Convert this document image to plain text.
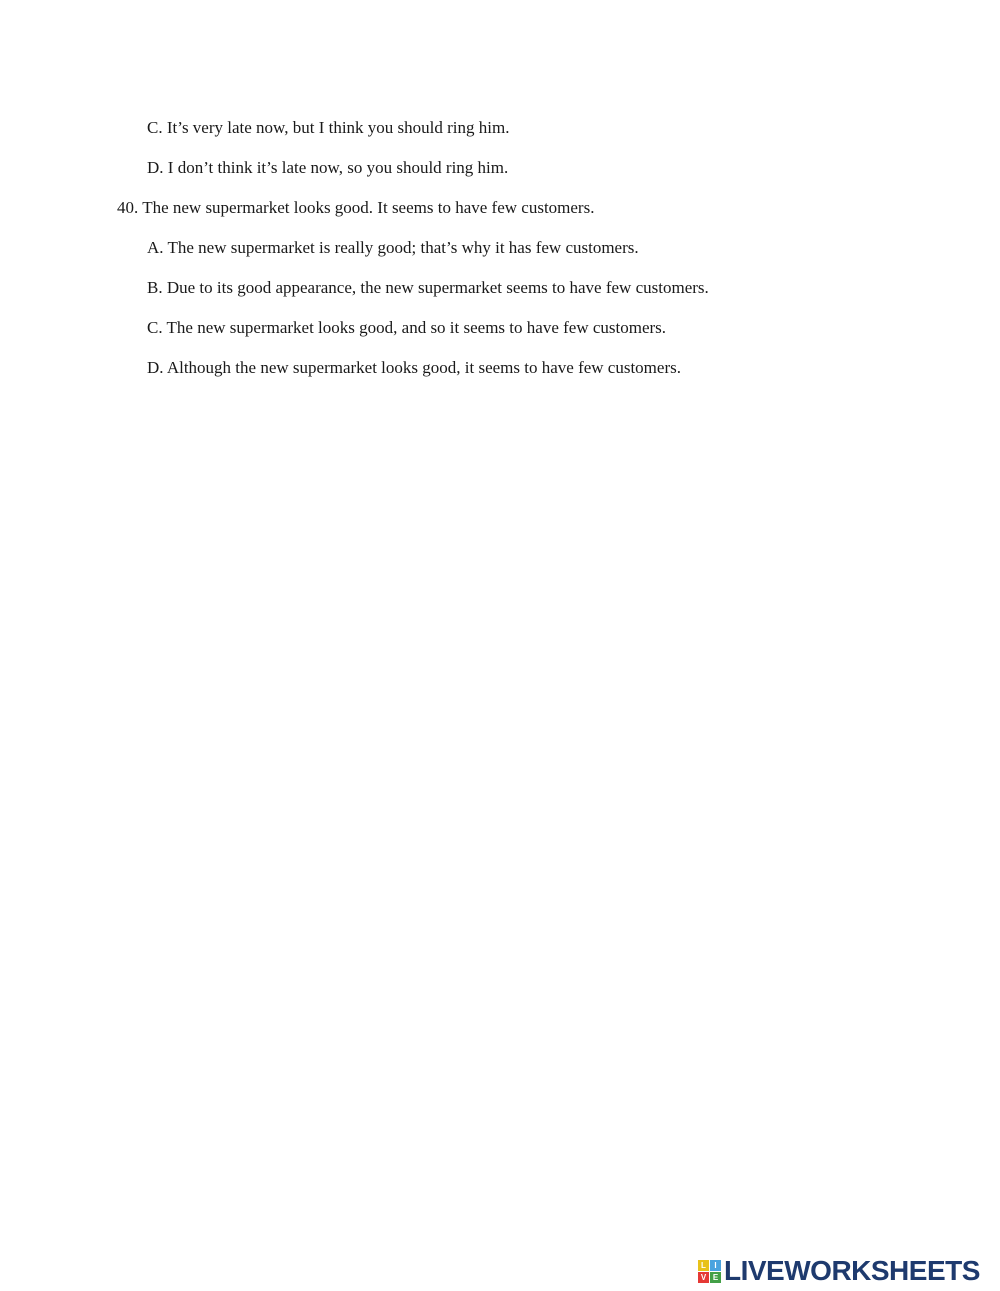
C. It’s very late now, but I think you should ring him.
D. I don’t think it’s late now, so you should ring him.
40. The new supermarket looks good. It seems to have few customers.
A. The new supermarket is really good; that’s why it has few customers.
B. Due to its good appearance, the new supermarket seems to have few customers.
C. The new supermarket looks good, and so it seems to have few customers.
D. Although the new supermarket looks good, it seems to have few customers.
L	I
V E LIVEWORKSHEETS
